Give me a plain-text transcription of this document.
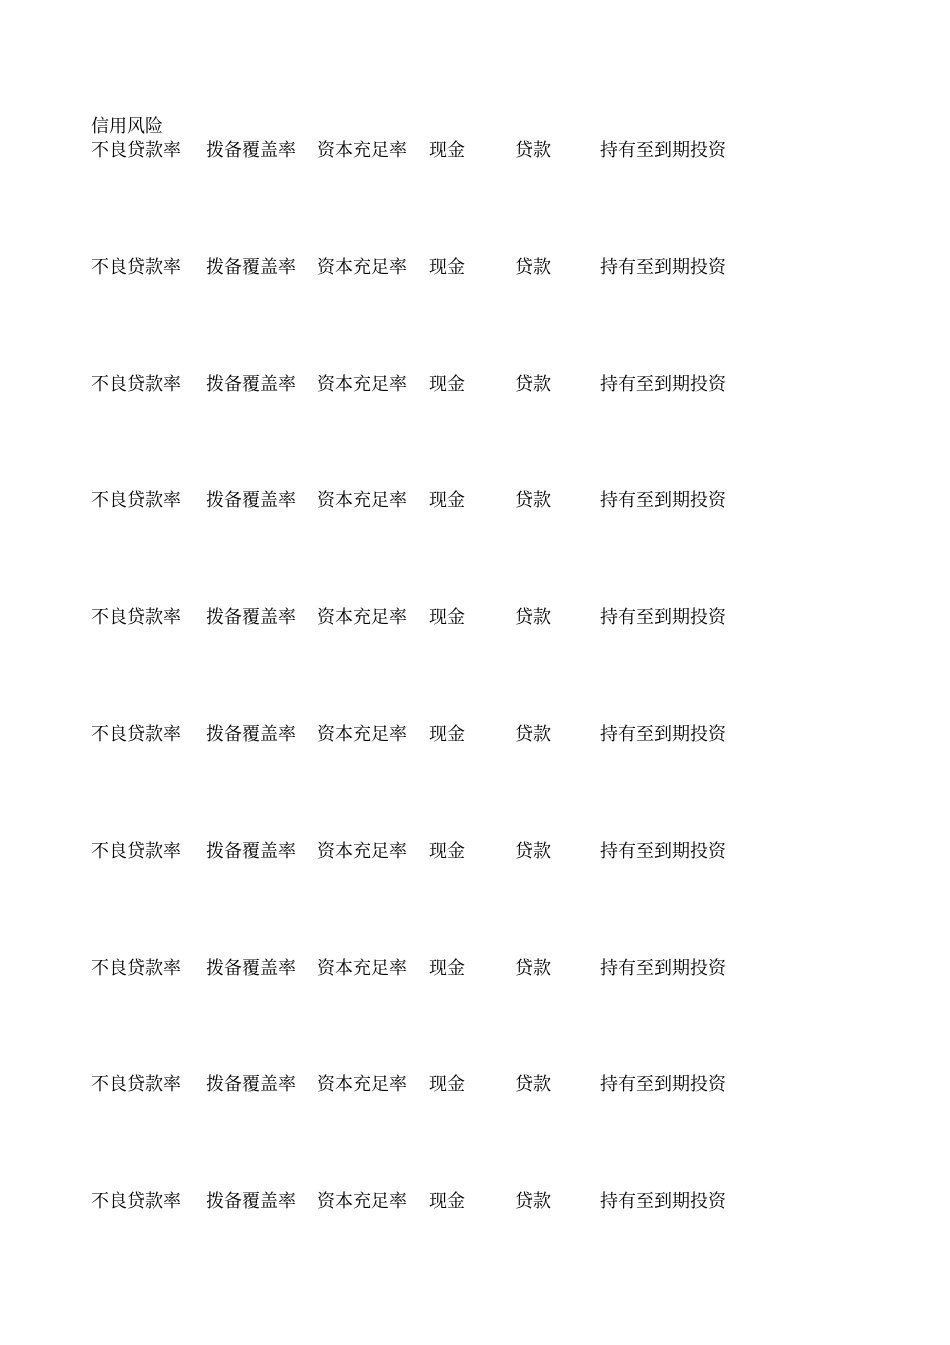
信用风险
不良贷款率 拨备覆盖率 资本充足率 现金	贷款	持有至到期投资
不良贷款率 拨备覆盖率 资本充足率 现金	贷款	持有至到期投资
不良贷款率 拨备覆盖率 资本充足率 现金	贷款	持有至到期投资
不良贷款率 拨备覆盖率 资本充足率 现金	贷款	持有至到期投资
不良贷款率 拨备覆盖率 资本充足率 现金	贷款	持有至到期投资
不良贷款率 拨备覆盖率 资本充足率 现金	贷款	持有至到期投资
不良贷款率 拨备覆盖率 资本充足率 现金	贷款	持有至到期投资
不良贷款率 拨备覆盖率 资本充足率 现金	贷款	持有至到期投资
不良贷款率 拨备覆盖率 资本充足率 现金	贷款	持有至到期投资
不良贷款率 拨备覆盖率 资本充足率 现金	贷款	持有至到期投资
